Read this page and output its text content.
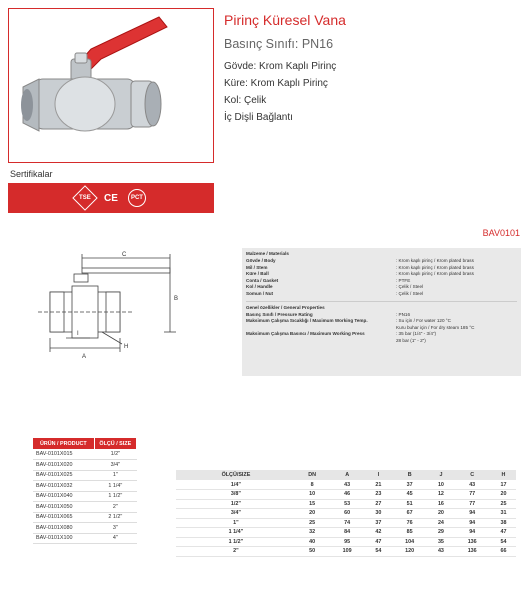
Sertifikalar
TSE CE	PCT
Pirinç Küresel Vana
Basınç Sınıfı: PN16
Gövde: Krom Kaplı Pirinç
Küre: Krom Kaplı Pirinç
Kol: Çelik
İç Dişli Bağlantı
BAV0101
C
B
I
H
A
Malzeme / Materials
Gövde / Body	: Krom kaplı pirinç / Krom plated brass
Mil / Stem	: Krom kaplı pirinç / Krom plated brass
Küre / Ball	: Krom kaplı pirinç / Krom plated brass
Conta / Gasket	: PTFE
Kol / Handle	: Çelik / Steel
Somun / Nut	: Çelik / Steel
Genel özellikler / General Properties
Basınç Sınıfı / Pressure Rating	: PN16
Maksimum Çalışma Sıcaklığı / Maximum Working Temp.	: Su için / For water 120 °C
Kuru buhar için / For dry steam 185 °C
Maksimum Çalışma Basıncı / Maximum Working Press	: 35 bar (1/4" - 3/4")
28 bar (1" - 2")
ÜRÜN / PRODUCT	ÖLÇÜ / SIZE
BAV-0101X015	1/2"
BAV-0101X020	3/4"
BAV-0101X025	1"
BAV-0101X032	1 1/4"
BAV-0101X040	1 1/2"
BAV-0101X050	2"
BAV-0101X065	2 1/2"
BAV-0101X080	3"
BAV-0101X100	4"
ÖLÇÜ/SIZE	DN	A	I	B	J	C	H
1/4"	8	43	21	37	10	43	17
3/8"	10	46	23	45	12	77	20
1/2"	15	53	27	51	16	77	25
3/4"	20	60	30	67	20	94	31
1"	25	74	37	76	24	94	38
1 1/4"	32	84	42	85	29	94	47
1 1/2"	40	95	47	104	35	136	54
2"	50	109	54	120	43	136	66
